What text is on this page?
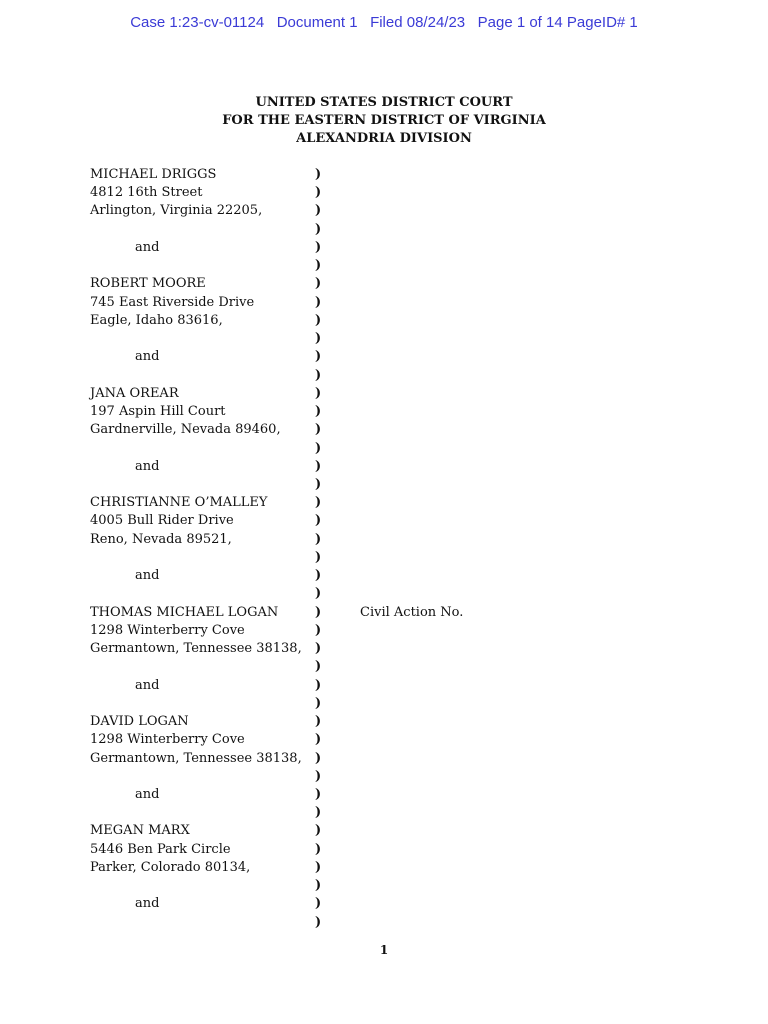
Case 1:23-cv-01124   Document 1   Filed 08/24/23   Page 1 of 14 PageID# 1
UNITED STATES DISTRICT COURT
FOR THE EASTERN DISTRICT OF VIRGINIA
ALEXANDRIA DIVISION
MICHAEL DRIGGS	)
4812 16th Street	)
Arlington, Virginia 22205,	)
)
and	)
)
ROBERT MOORE	)
745 East Riverside Drive	)
Eagle, Idaho 83616,	)
)
and	)
)
JANA OREAR	)
197 Aspin Hill Court	)
Gardnerville, Nevada 89460,	)
)
and	)
)
CHRISTIANNE O’MALLEY	)
4005 Bull Rider Drive	)
Reno, Nevada 89521,	)
)
and	)
)
THOMAS MICHAEL LOGAN	)	Civil Action No.
1298 Winterberry Cove	)
Germantown, Tennessee 38138, )
)
and	)
)
DAVID LOGAN	)
1298 Winterberry Cove	)
Germantown, Tennessee 38138, )
)
and	)
)
MEGAN MARX	)
5446 Ben Park Circle	)
Parker, Colorado 80134,	)
)
and	)
)
1
